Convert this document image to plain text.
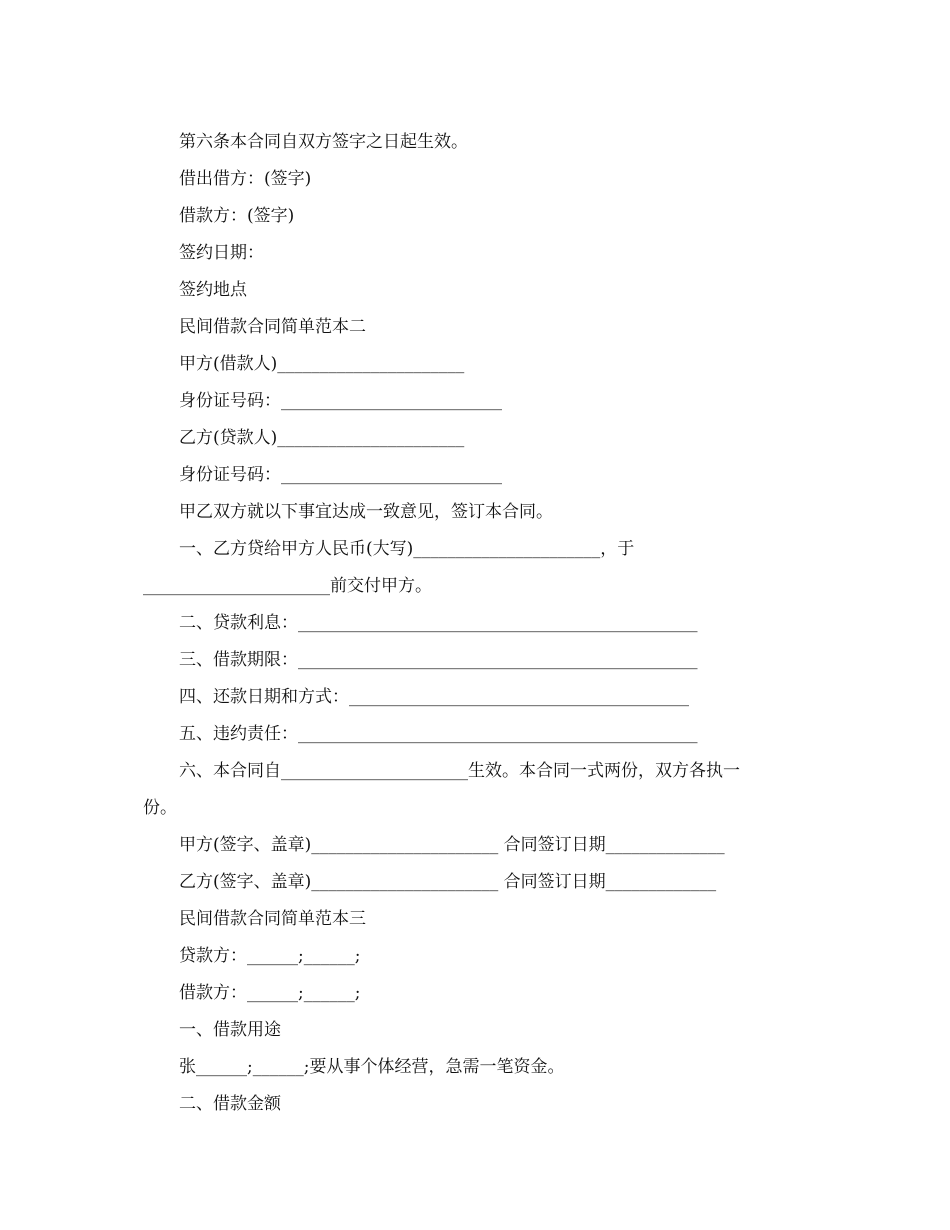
第六条本合同自双方签字之日起生效。
借出借方：(签字)
借款方：(签字)
签约日期：
签约地点
民间借款合同简单范本二
甲方(借款人)______________________
身份证号码：__________________________
乙方(贷款人)______________________
身份证号码：__________________________
甲乙双方就以下事宜达成一致意见，签订本合同。
一、乙方贷给甲方人民币(大写)______________________，于
______________________前交付甲方。
二、贷款利息：_______________________________________________
三、借款期限：_______________________________________________
四、还款日期和方式：________________________________________
五、违约责任：_______________________________________________
六、本合同自______________________生效。本合同一式两份，双方各执一
份。
甲方(签字、盖章)______________________ 合同签订日期______________
乙方(签字、盖章)______________________ 合同签订日期_____________
民间借款合同简单范本三
贷款方：______;______;
借款方：______;______;
一、借款用途
张______;______;要从事个体经营，急需一笔资金。
二、借款金额
